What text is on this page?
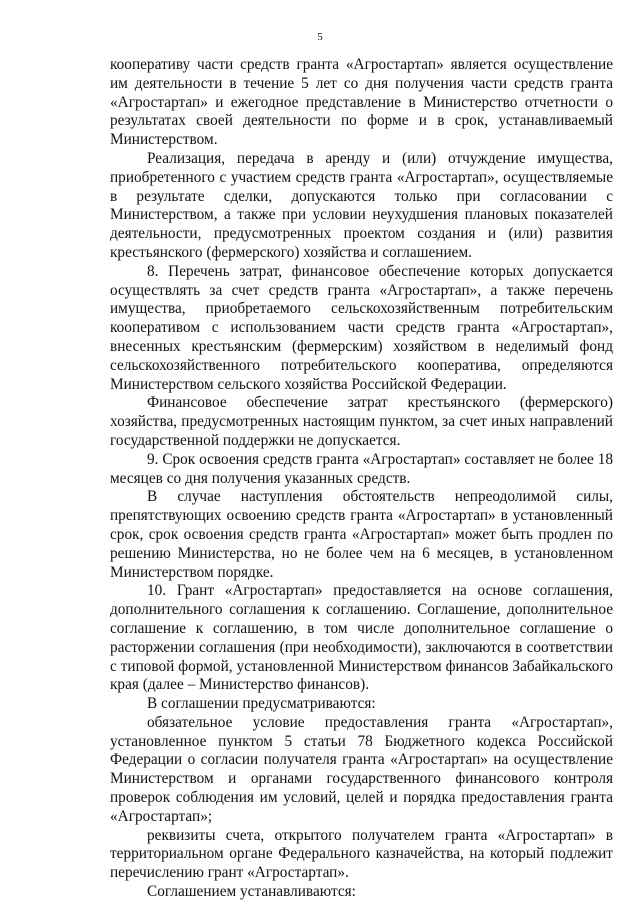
5

кооперативу части средств гранта «Агростартап» является осуществление им деятельности в течение 5 лет со дня получения части средств гранта «Агростартап» и ежегодное представление в Министерство отчетности о результатах своей деятельности по форме и в срок, устанавливаемый Министерством.

Реализация, передача в аренду и (или) отчуждение имущества, приобретенного с участием средств гранта «Агростартап», осуществляемые в результате сделки, допускаются только при согласовании с Министерством, а также при условии неухудшения плановых показателей деятельности, предусмотренных проектом создания и (или) развития крестьянского (фермерского) хозяйства и соглашением.

8. Перечень затрат, финансовое обеспечение которых допускается осуществлять за счет средств гранта «Агростартап», а также перечень имущества, приобретаемого сельскохозяйственным потребительским кооперативом с использованием части средств гранта «Агростартап», внесенных крестьянским (фермерским) хозяйством в неделимый фонд сельскохозяйственного потребительского кооператива, определяются Министерством сельского хозяйства Российской Федерации.

Финансовое обеспечение затрат крестьянского (фермерского) хозяйства, предусмотренных настоящим пунктом, за счет иных направлений государственной поддержки не допускается.

9. Срок освоения средств гранта «Агростартап» составляет не более 18 месяцев со дня получения указанных средств.

В случае наступления обстоятельств непреодолимой силы, препятствующих освоению средств гранта «Агростартап» в установленный срок, срок освоения средств гранта «Агростартап» может быть продлен по решению Министерства, но не более чем на 6 месяцев, в установленном Министерством порядке.

10. Грант «Агростартап» предоставляется на основе соглашения, дополнительного соглашения к соглашению. Соглашение, дополнительное соглашение к соглашению, в том числе дополнительное соглашение о расторжении соглашения (при необходимости), заключаются в соответствии с типовой формой, установленной Министерством финансов Забайкальского края (далее – Министерство финансов).

В соглашении предусматриваются:

обязательное условие предоставления гранта «Агростартап», установленное пунктом 5 статьи 78 Бюджетного кодекса Российской Федерации о согласии получателя гранта «Агростартап» на осуществление Министерством и органами государственного финансового контроля проверок соблюдения им условий, целей и порядка предоставления гранта «Агростартап»;

реквизиты счета, открытого получателем гранта «Агростартап» в территориальном органе Федерального казначейства, на который подлежит перечислению грант «Агростартап».

Соглашением устанавливаются:
